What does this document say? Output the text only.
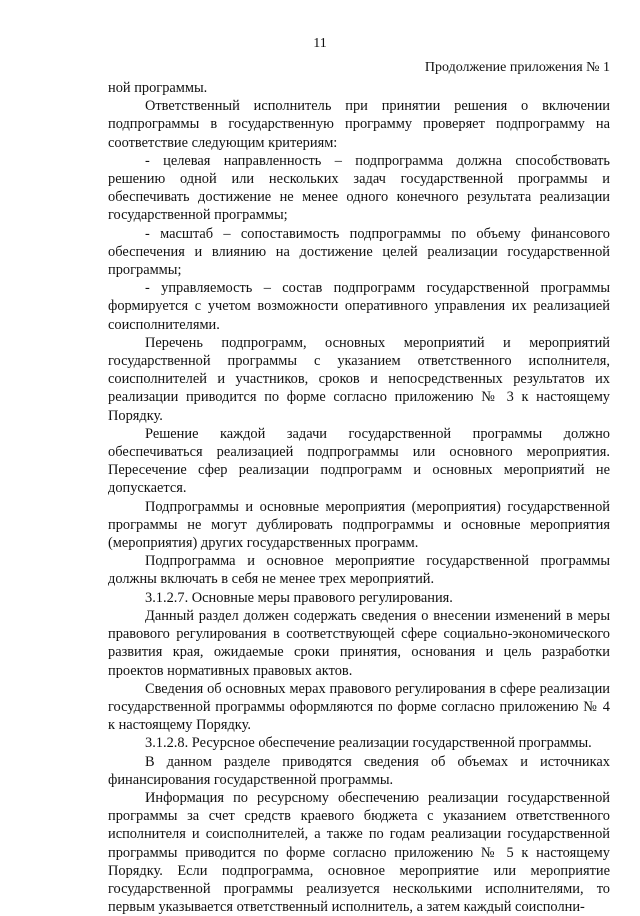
11
Продолжение приложения № 1

ной программы.

Ответственный исполнитель при принятии решения о включении подпрограммы в государственную программу проверяет подпрограмму на соответствие следующим критериям:

- целевая направленность – подпрограмма должна способствовать решению одной или нескольких задач государственной программы и обеспечивать достижение не менее одного конечного результата реализации государственной программы;

- масштаб – сопоставимость подпрограммы по объему финансового обеспечения и влиянию на достижение целей реализации государственной программы;

- управляемость – состав подпрограмм государственной программы формируется с учетом возможности оперативного управления их реализацией соисполнителями.

Перечень подпрограмм, основных мероприятий и мероприятий государственной программы с указанием ответственного исполнителя, соисполнителей и участников, сроков и непосредственных результатов их реализации приводится по форме согласно приложению № 3 к настоящему Порядку.

Решение каждой задачи государственной программы должно обеспечиваться реализацией подпрограммы или основного мероприятия. Пересечение сфер реализации подпрограмм и основных мероприятий не допускается.

Подпрограммы и основные мероприятия (мероприятия) государственной программы не могут дублировать подпрограммы и основные мероприятия (мероприятия) других государственных программ.

Подпрограмма и основное мероприятие государственной программы должны включать в себя не менее трех мероприятий.

3.1.2.7. Основные меры правового регулирования.

Данный раздел должен содержать сведения о внесении изменений в меры правового регулирования в соответствующей сфере социально-экономического развития края, ожидаемые сроки принятия, основания и цель разработки проектов нормативных правовых актов.

Сведения об основных мерах правового регулирования в сфере реализации государственной программы оформляются по форме согласно приложению № 4 к настоящему Порядку.

3.1.2.8. Ресурсное обеспечение реализации государственной программы.

В данном разделе приводятся сведения об объемах и источниках финансирования государственной программы.

Информация по ресурсному обеспечению реализации государственной программы за счет средств краевого бюджета с указанием ответственного исполнителя и соисполнителей, а также по годам реализации государственной программы приводится по форме согласно приложению № 5 к настоящему Порядку. Если подпрограмма, основное мероприятие или мероприятие государственной программы реализуется несколькими исполнителями, то первым указывается ответственный исполнитель, а затем каждый соисполни-
